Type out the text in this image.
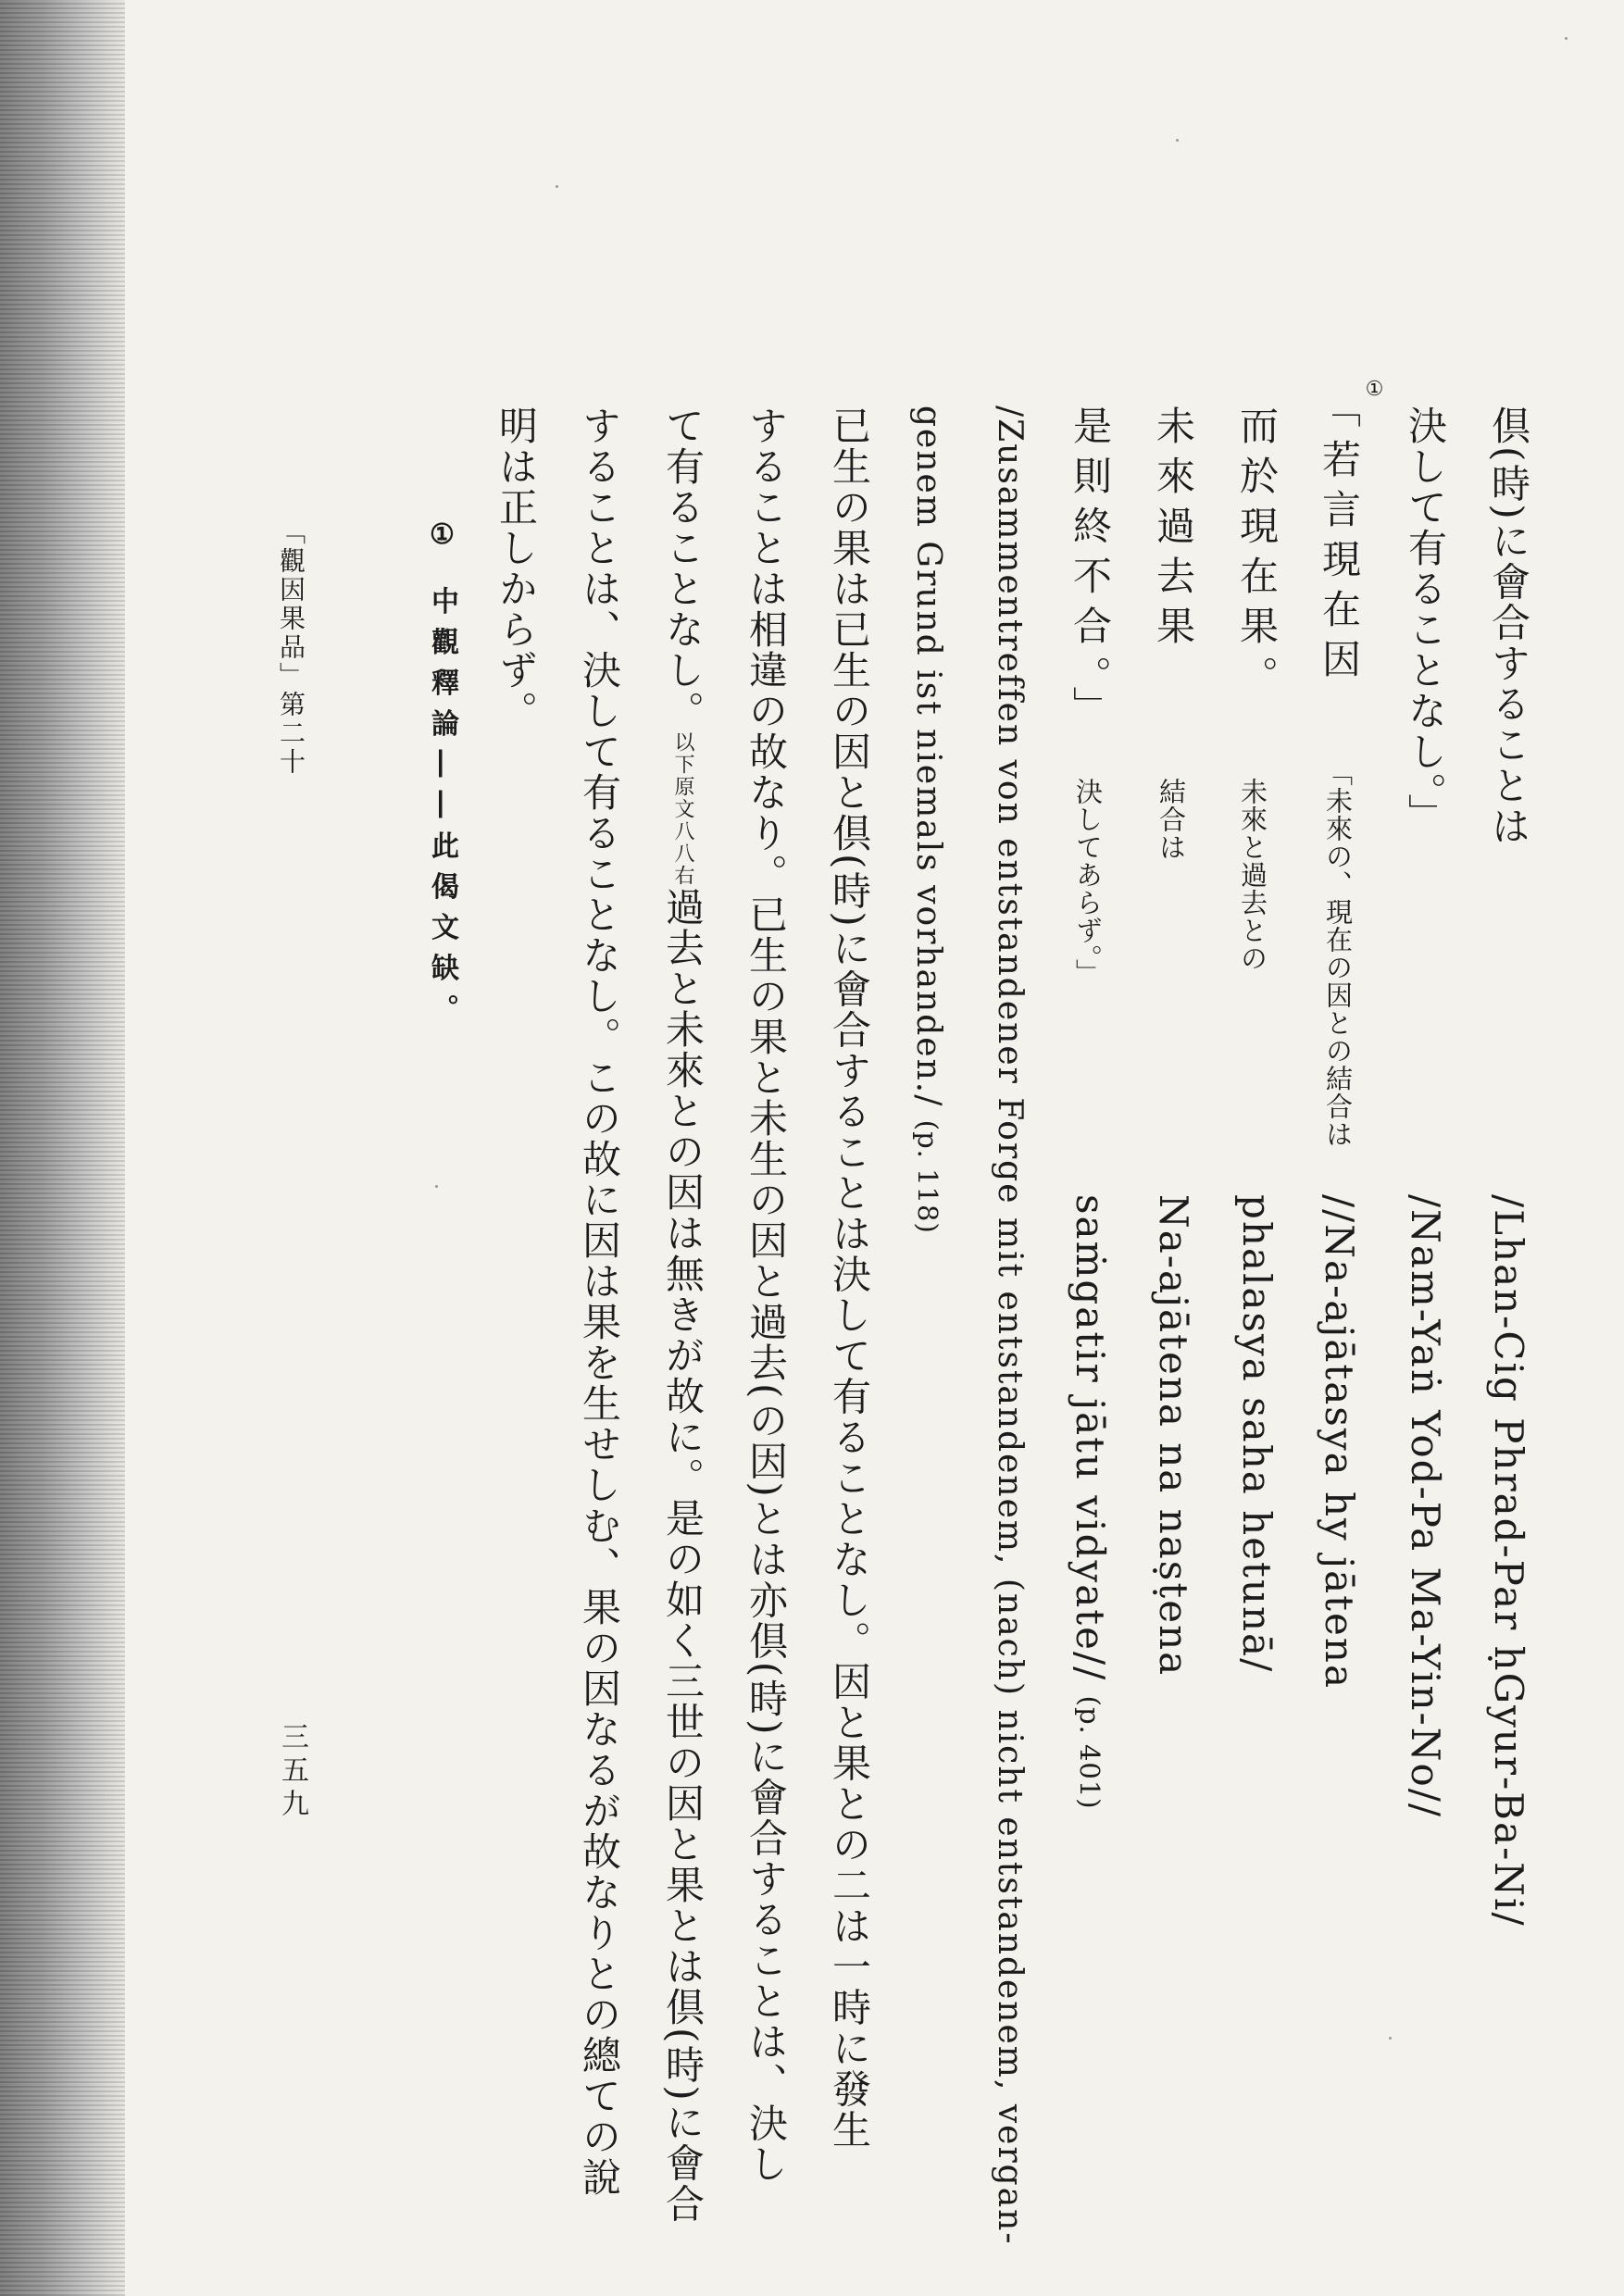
/Lhan-Cig Phrad-Par ḥGyur-Ba-Ni/
/Nam-Yaṅ Yod-Pa Ma-Yin-No//
//Na-ajātasya hy jātena
phalasya saha hetunā/
Na-ajātena na naṣṭena
saṁgatir jātu vidyate// (p. 401)
倶(時)に會合することは
決して有ることなし。」
①
「若言現在因
而於現在果。
未來過去果
是則終不合。」
「未來の、現在の因との結合は
未來と過去との
結合は
決してあらず。」
/Zusammentreffen von entstandener Forge mit entstandenem, (nach) nicht entstandenem, vergan-
genem Grund ist niemals vorhanden./ (p. 118)
已生の果は已生の因と倶(時)に會合することは決して有ることなし。因と果との二は一時に發生
することは相違の故なり。已生の果と未生の因と過去(の因)とは亦倶(時)に會合することは、決し
て有ることなし。以下原文八八右過去と未來との因は無きが故に。是の如く三世の因と果とは倶(時)に會合
することは、決して有ることなし。この故に因は果を生せしむ、果の因なるが故なりとの總ての說
明は正しからず。
① 中觀釋論――此偈文缺。
「觀因果品」第二十
三五九
